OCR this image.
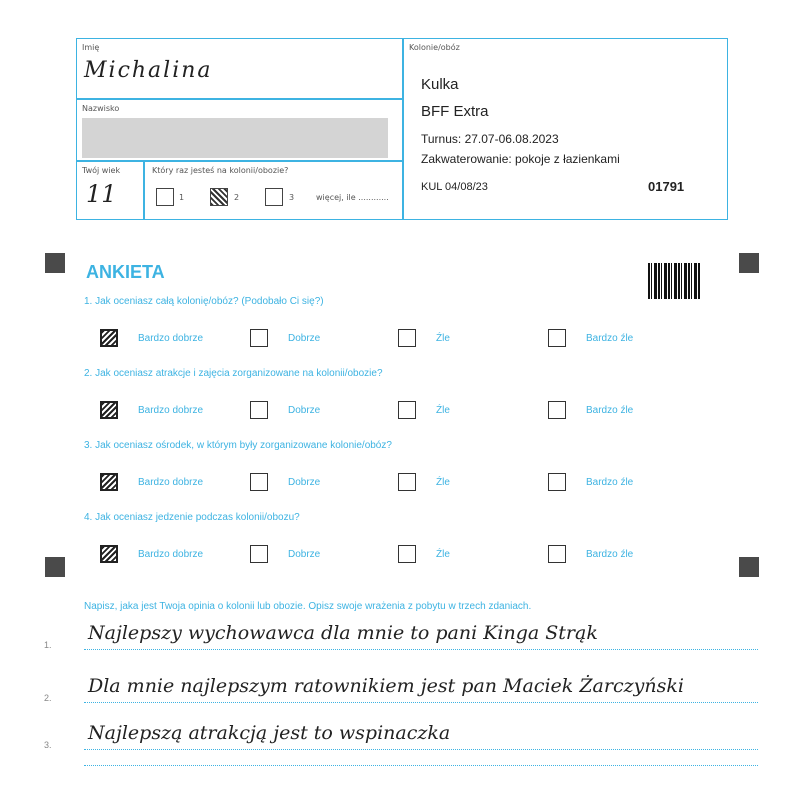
Imię
Michalina
Nazwisko
Twój wiek
11
Który raz jesteś na kolonii/obozie?
1	2	3	więcej, ile ............
Kolonie/obóz
Kulka
BFF Extra
Turnus: 27.07-06.08.2023
Zakwaterowanie: pokoje z łazienkami
KUL 04/08/23	01791
ANKIETA
1. Jak oceniasz całą kolonię/obóz? (Podobało Ci się?)
Bardzo dobrze	Dobrze	Źle	Bardzo źle
2. Jak oceniasz atrakcje i zajęcia zorganizowane na kolonii/obozie?
Bardzo dobrze	Dobrze	Źle	Bardzo źle
3. Jak oceniasz ośrodek, w którym były zorganizowane kolonie/obóz?
Bardzo dobrze	Dobrze	Źle	Bardzo źle
4. Jak oceniasz jedzenie podczas kolonii/obozu?
Bardzo dobrze	Dobrze	Źle	Bardzo źle
Napisz, jaka jest Twoja opinia o kolonii lub obozie. Opisz swoje wrażenia z pobytu w trzech zdaniach.
1.
Najlepszy wychowawca dla mnie to pani Kinga Strąk
2.
Dla mnie najlepszym ratownikiem jest pan Maciek Żarczyński
3.
Najlepszą atrakcją jest to wspinaczka
